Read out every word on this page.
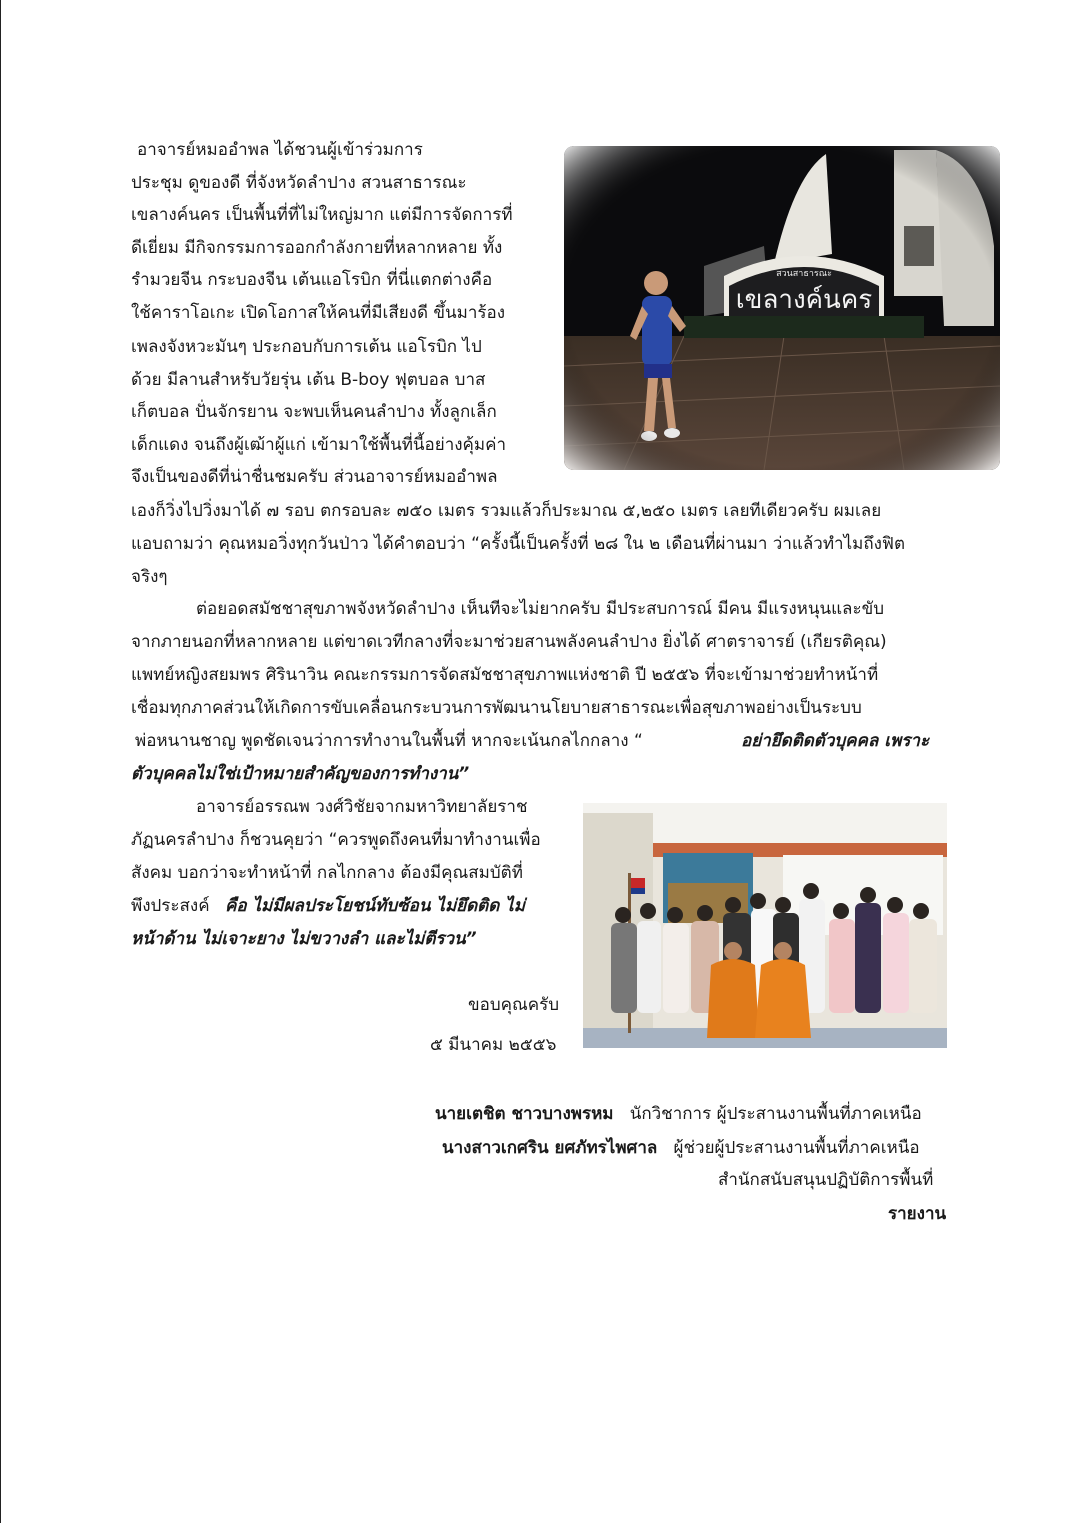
อาจารย์หมออำพล ได้ชวนผู้เข้าร่วมการ
ประชุม ดูของดี ที่จังหวัดลำปาง สวนสาธารณะ
เขลางค์นคร เป็นพื้นที่ที่ไม่ใหญ่มาก แต่มีการจัดการที่
ดีเยี่ยม มีกิจกรรมการออกกำลังกายที่หลากหลาย ทั้ง
รำมวยจีน กระบองจีน เต้นแอโรบิก ที่นี่แตกต่างคือ
ใช้คาราโอเกะ เปิดโอกาสให้คนที่มีเสียงดี ขึ้นมาร้อง
เพลงจังหวะมันๆ ประกอบกับการเต้น แอโรบิก ไป
ด้วย มีลานสำหรับวัยรุ่น เต้น B-boy ฟุตบอล บาส
เก็ตบอล ปั่นจักรยาน จะพบเห็นคนลำปาง ทั้งลูกเล็ก
เด็กแดง จนถึงผู้เฒ้าผู้แก่ เข้ามาใช้พื้นที่นี้อย่างคุ้มค่า
จึงเป็นของดีที่น่าชื่นชมครับ ส่วนอาจารย์หมออำพล
เองก็วิ่งไปวิ่งมาได้ ๗ รอบ ตกรอบละ ๗๕๐ เมตร รวมแล้วก็ประมาณ ๕,๒๕๐ เมตร เลยทีเดียวครับ ผมเลย
แอบถามว่า คุณหมอวิ่งทุกวันป่าว ได้คำตอบว่า “ครั้งนี้เป็นครั้งที่ ๒๘ ใน ๒ เดือนที่ผ่านมา ว่าแล้วทำไมถึงฟิต
จริงๆ
ต่อยอดสมัชชาสุขภาพจังหวัดลำปาง เห็นทีจะไม่ยากครับ มีประสบการณ์ มีคน มีแรงหนุนและขับ
จากภายนอกที่หลากหลาย แต่ขาดเวทีกลางที่จะมาช่วยสานพลังคนลำปาง ยิ่งได้ ศาตราจารย์ (เกียรติคุณ)
แพทย์หญิงสยมพร ศิรินาวิน คณะกรรมการจัดสมัชชาสุขภาพแห่งชาติ ปี ๒๕๕๖ ที่จะเข้ามาช่วยทำหน้าที่
เชื่อมทุกภาคส่วนให้เกิดการขับเคลื่อนกระบวนการพัฒนานโยบายสาธารณะเพื่อสุขภาพอย่างเป็นระบบ
พ่อหนานชาญ พูดชัดเจนว่าการทำงานในพื้นที่ หากจะเน้นกลไกกลาง “	อย่ายึดติดตัวบุคคล เพราะ
ตัวบุคคลไม่ใช่เป้าหมายสำคัญของการทำงาน”
อาจารย์อรรณพ วงศ์วิชัยจากมหาวิทยาลัยราช
ภัฏนครลำปาง ก็ชวนคุยว่า “ควรพูดถึงคนที่มาทำงานเพื่อ
สังคม บอกว่าจะทำหน้าที่ กลไกกลาง ต้องมีคุณสมบัติที่
พึงประสงค์ คือ ไม่มีผลประโยชน์ทับซ้อน ไม่ยึดติด ไม่
หน้าด้าน ไม่เจาะยาง ไม่ขวางลำ และไม่ตีรวน”
ขอบคุณครับ
๕ มีนาคม ๒๕๕๖
นายเตชิต ชาวบางพรหม นักวิชาการ ผู้ประสานงานพื้นที่ภาคเหนือ
นางสาวเกศริน ยศภัทรไพศาล ผู้ช่วยผู้ประสานงานพื้นที่ภาคเหนือ
สำนักสนับสนุนปฏิบัติการพื้นที่
รายงาน
